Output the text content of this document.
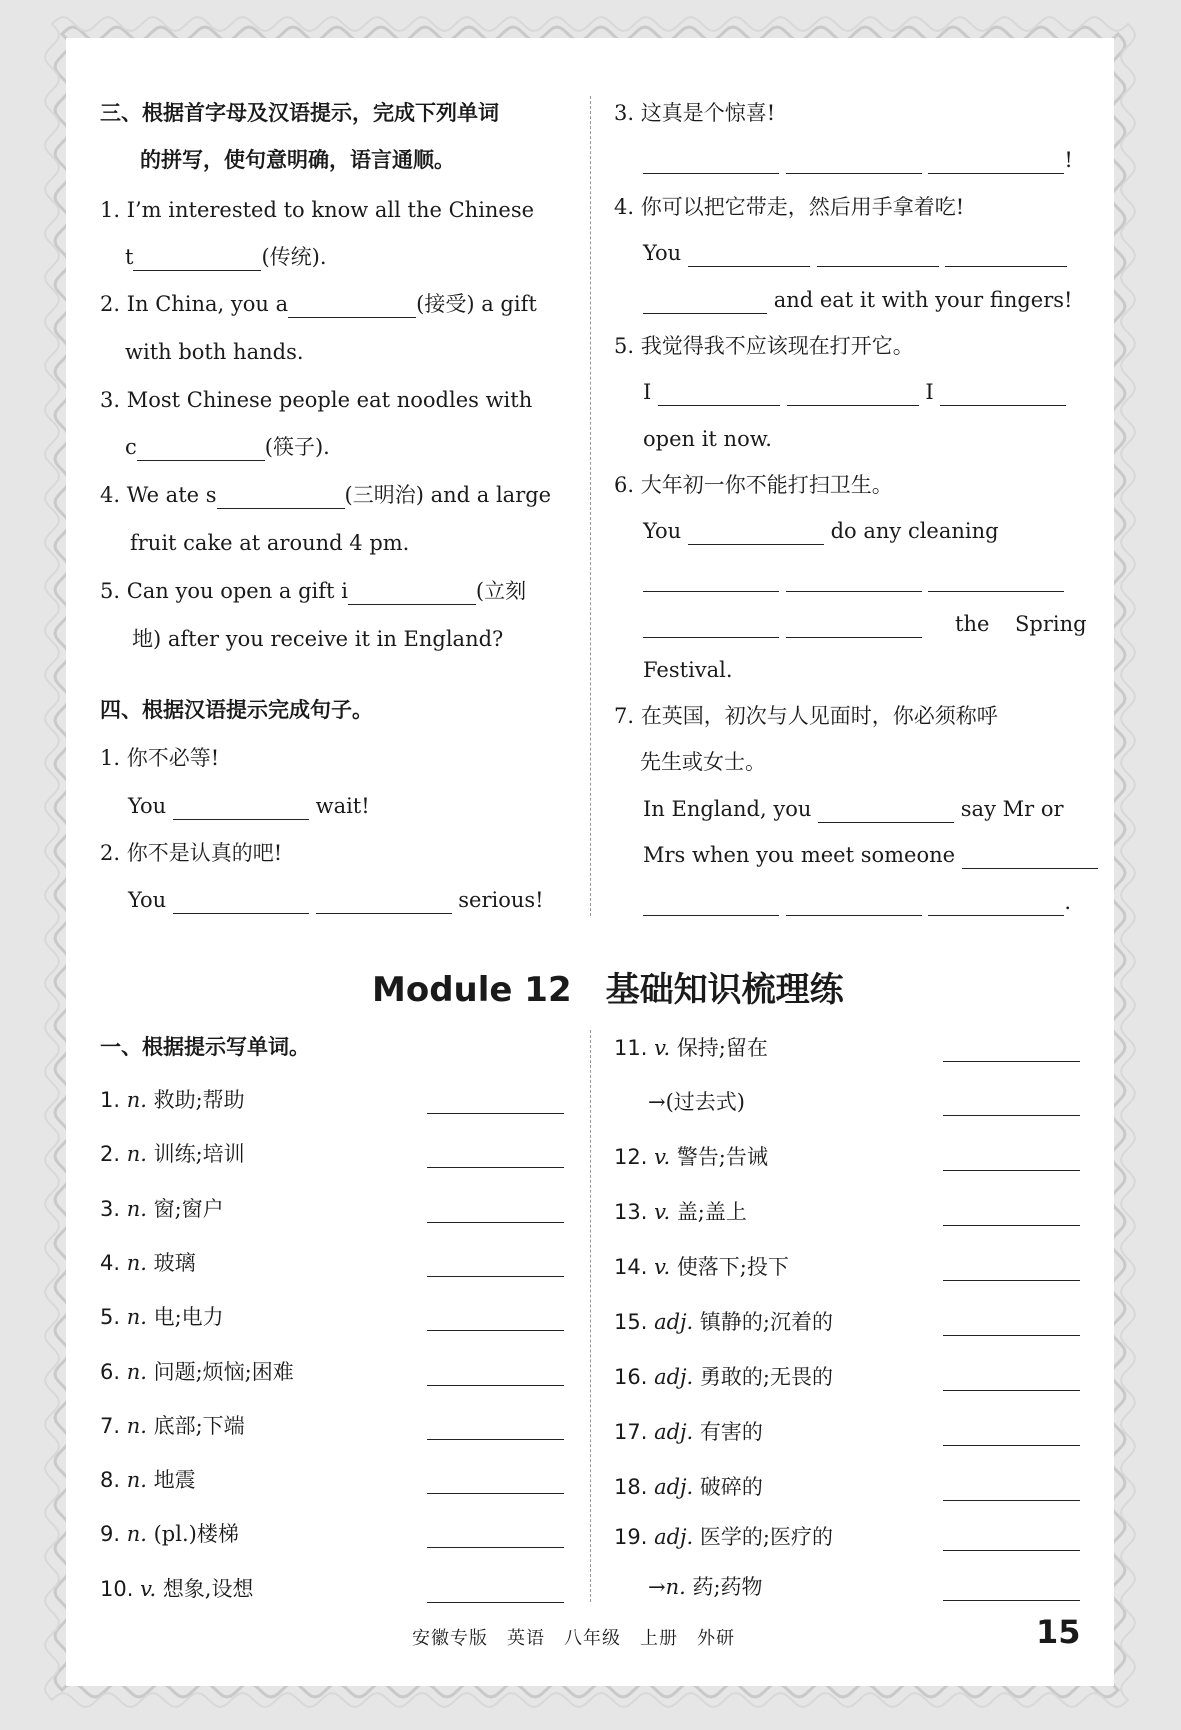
三、根据首字母及汉语提示，完成下列单词
的拼写，使句意明确，语言通顺。
1. I’m interested to know all the Chinese
t	(传统).
2. In China, you a	(接受) a gift
with both hands.
3. Most Chinese people eat noodles with
c	(筷子).
4. We ate s	(三明治) and a large
fruit cake at around 4 pm.
5. Can you open a gift i	(立刻
地) after you receive it in England?
四、根据汉语提示完成句子。
1. 你不必等!
You	wait!
2. 你不是认真的吧!
You	serious!
3. 这真是个惊喜!
!
4. 你可以把它带走，然后用手拿着吃!
You
and eat it with your fingers!
5. 我觉得我不应该现在打开它。
I	I
open it now.
6. 大年初一你不能打扫卫生。
You	do any cleaning

the Spring
Festival.
7. 在英国，初次与人见面时，你必须称呼
先生或女士。
In England, you	say Mr or
Mrs when you meet someone
.
Module 12　基础知识梳理练
一、根据提示写单词。
1. n. 救助;帮助
2. n. 训练;培训
3. n. 窗;窗户
4. n. 玻璃
5. n. 电;电力
6. n. 问题;烦恼;困难
7. n. 底部;下端
8. n. 地震
9. n. (pl.)楼梯
10. v. 想象,设想
11. v. 保持;留在
→(过去式)
12. v. 警告;告诫
13. v. 盖;盖上
14. v. 使落下;投下
15. adj. 镇静的;沉着的
16. adj. 勇敢的;无畏的
17. adj. 有害的
18. adj. 破碎的
19. adj. 医学的;医疗的
→n. 药;药物
安徽专版　英语　八年级　上册　外研	15
